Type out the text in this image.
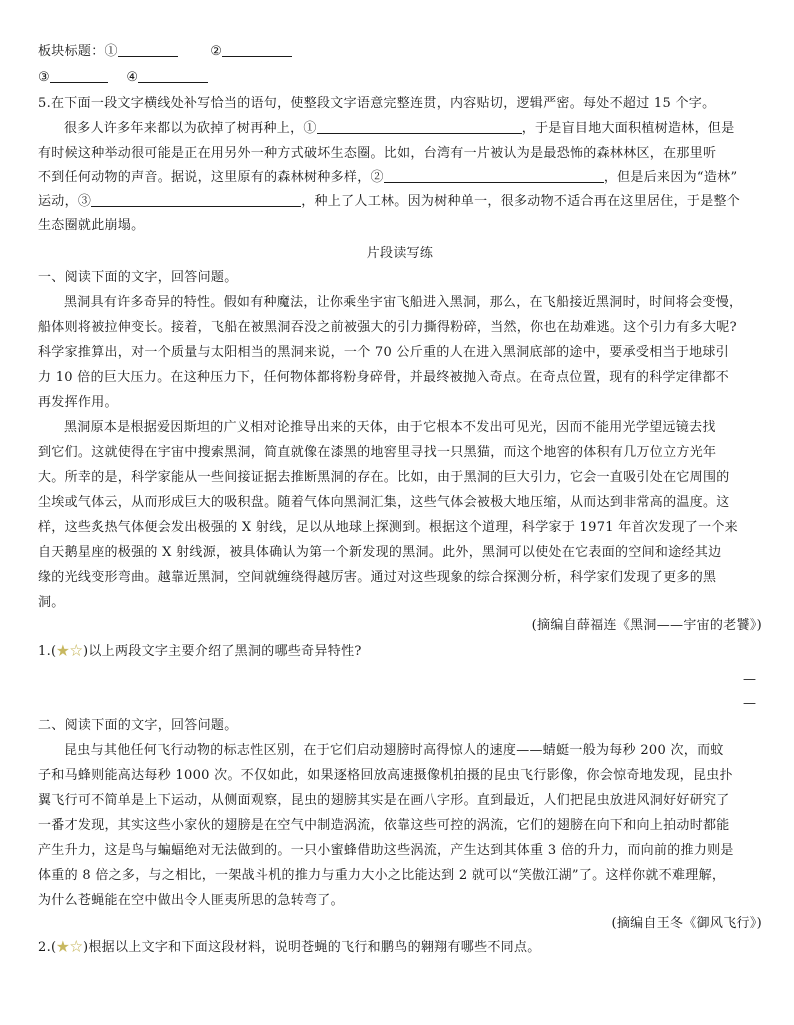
板块标题：①	②
③	④
5.在下面一段文字横线处补写恰当的语句，使整段文字语意完整连贯，内容贴切，逻辑严密。每处不超过 15 个字。
很多人许多年来都以为砍掉了树再种上，①	，于是盲目地大面积植树造林，但是
有时候这种举动很可能是正在用另外一种方式破坏生态圈。比如，台湾有一片被认为是最恐怖的森林林区，在那里听
不到任何动物的声音。据说，这里原有的森林树种多样，②	，但是后来因为“造林”
运动，③	，种上了人工林。因为树种单一，很多动物不适合再在这里居住，于是整个
生态圈就此崩塌。
片段读写练
一、阅读下面的文字，回答问题。
黑洞具有许多奇异的特性。假如有种魔法，让你乘坐宇宙飞船进入黑洞，那么，在飞船接近黑洞时，时间将会变慢，
船体则将被拉伸变长。接着，飞船在被黑洞吞没之前被强大的引力撕得粉碎，当然，你也在劫难逃。这个引力有多大呢?
科学家推算出，对一个质量与太阳相当的黑洞来说，一个 70 公斤重的人在进入黑洞底部的途中，要承受相当于地球引
力 10 倍的巨大压力。在这种压力下，任何物体都将粉身碎骨，并最终被抛入奇点。在奇点位置，现有的科学定律都不
再发挥作用。
黑洞原本是根据爱因斯坦的广义相对论推导出来的天体，由于它根本不发出可见光，因而不能用光学望远镜去找
到它们。这就使得在宇宙中搜索黑洞，简直就像在漆黑的地窖里寻找一只黑猫，而这个地窖的体积有几万位立方光年
大。所幸的是，科学家能从一些间接证据去推断黑洞的存在。比如，由于黑洞的巨大引力，它会一直吸引处在它周围的
尘埃或气体云，从而形成巨大的吸积盘。随着气体向黑洞汇集，这些气体会被极大地压缩，从而达到非常高的温度。这
样，这些炙热气体便会发出极强的 X 射线，足以从地球上探测到。根据这个道理，科学家于 1971 年首次发现了一个来
自天鹅星座的极强的 X 射线源，被具体确认为第一个新发现的黑洞。此外，黑洞可以使处在它表面的空间和途经其边
缘的光线变形弯曲。越靠近黑洞，空间就缠绕得越厉害。通过对这些现象的综合探测分析，科学家们发现了更多的黑
洞。
(摘编自薛福连《黑洞——宇宙的老饕》)
1.(★☆)以上两段文字主要介绍了黑洞的哪些奇异特性?
—
—
二、阅读下面的文字，回答问题。
昆虫与其他任何飞行动物的标志性区别，在于它们启动翅膀时高得惊人的速度——蜻蜓一般为每秒 200 次，而蚊
子和马蜂则能高达每秒 1000 次。不仅如此，如果逐格回放高速摄像机拍摄的昆虫飞行影像，你会惊奇地发现，昆虫扑
翼飞行可不简单是上下运动，从侧面观察，昆虫的翅膀其实是在画八字形。直到最近，人们把昆虫放进风洞好好研究了
一番才发现，其实这些小家伙的翅膀是在空气中制造涡流，依靠这些可控的涡流，它们的翅膀在向下和向上拍动时都能
产生升力，这是鸟与蝙蝠绝对无法做到的。一只小蜜蜂借助这些涡流，产生达到其体重 3 倍的升力，而向前的推力则是
体重的 8 倍之多，与之相比，一架战斗机的推力与重力大小之比能达到 2 就可以“笑傲江湖”了。这样你就不难理解，
为什么苍蝇能在空中做出令人匪夷所思的急转弯了。
(摘编自王冬《御风飞行》)
2.(★☆)根据以上文字和下面这段材料，说明苍蝇的飞行和鹏鸟的翱翔有哪些不同点。
